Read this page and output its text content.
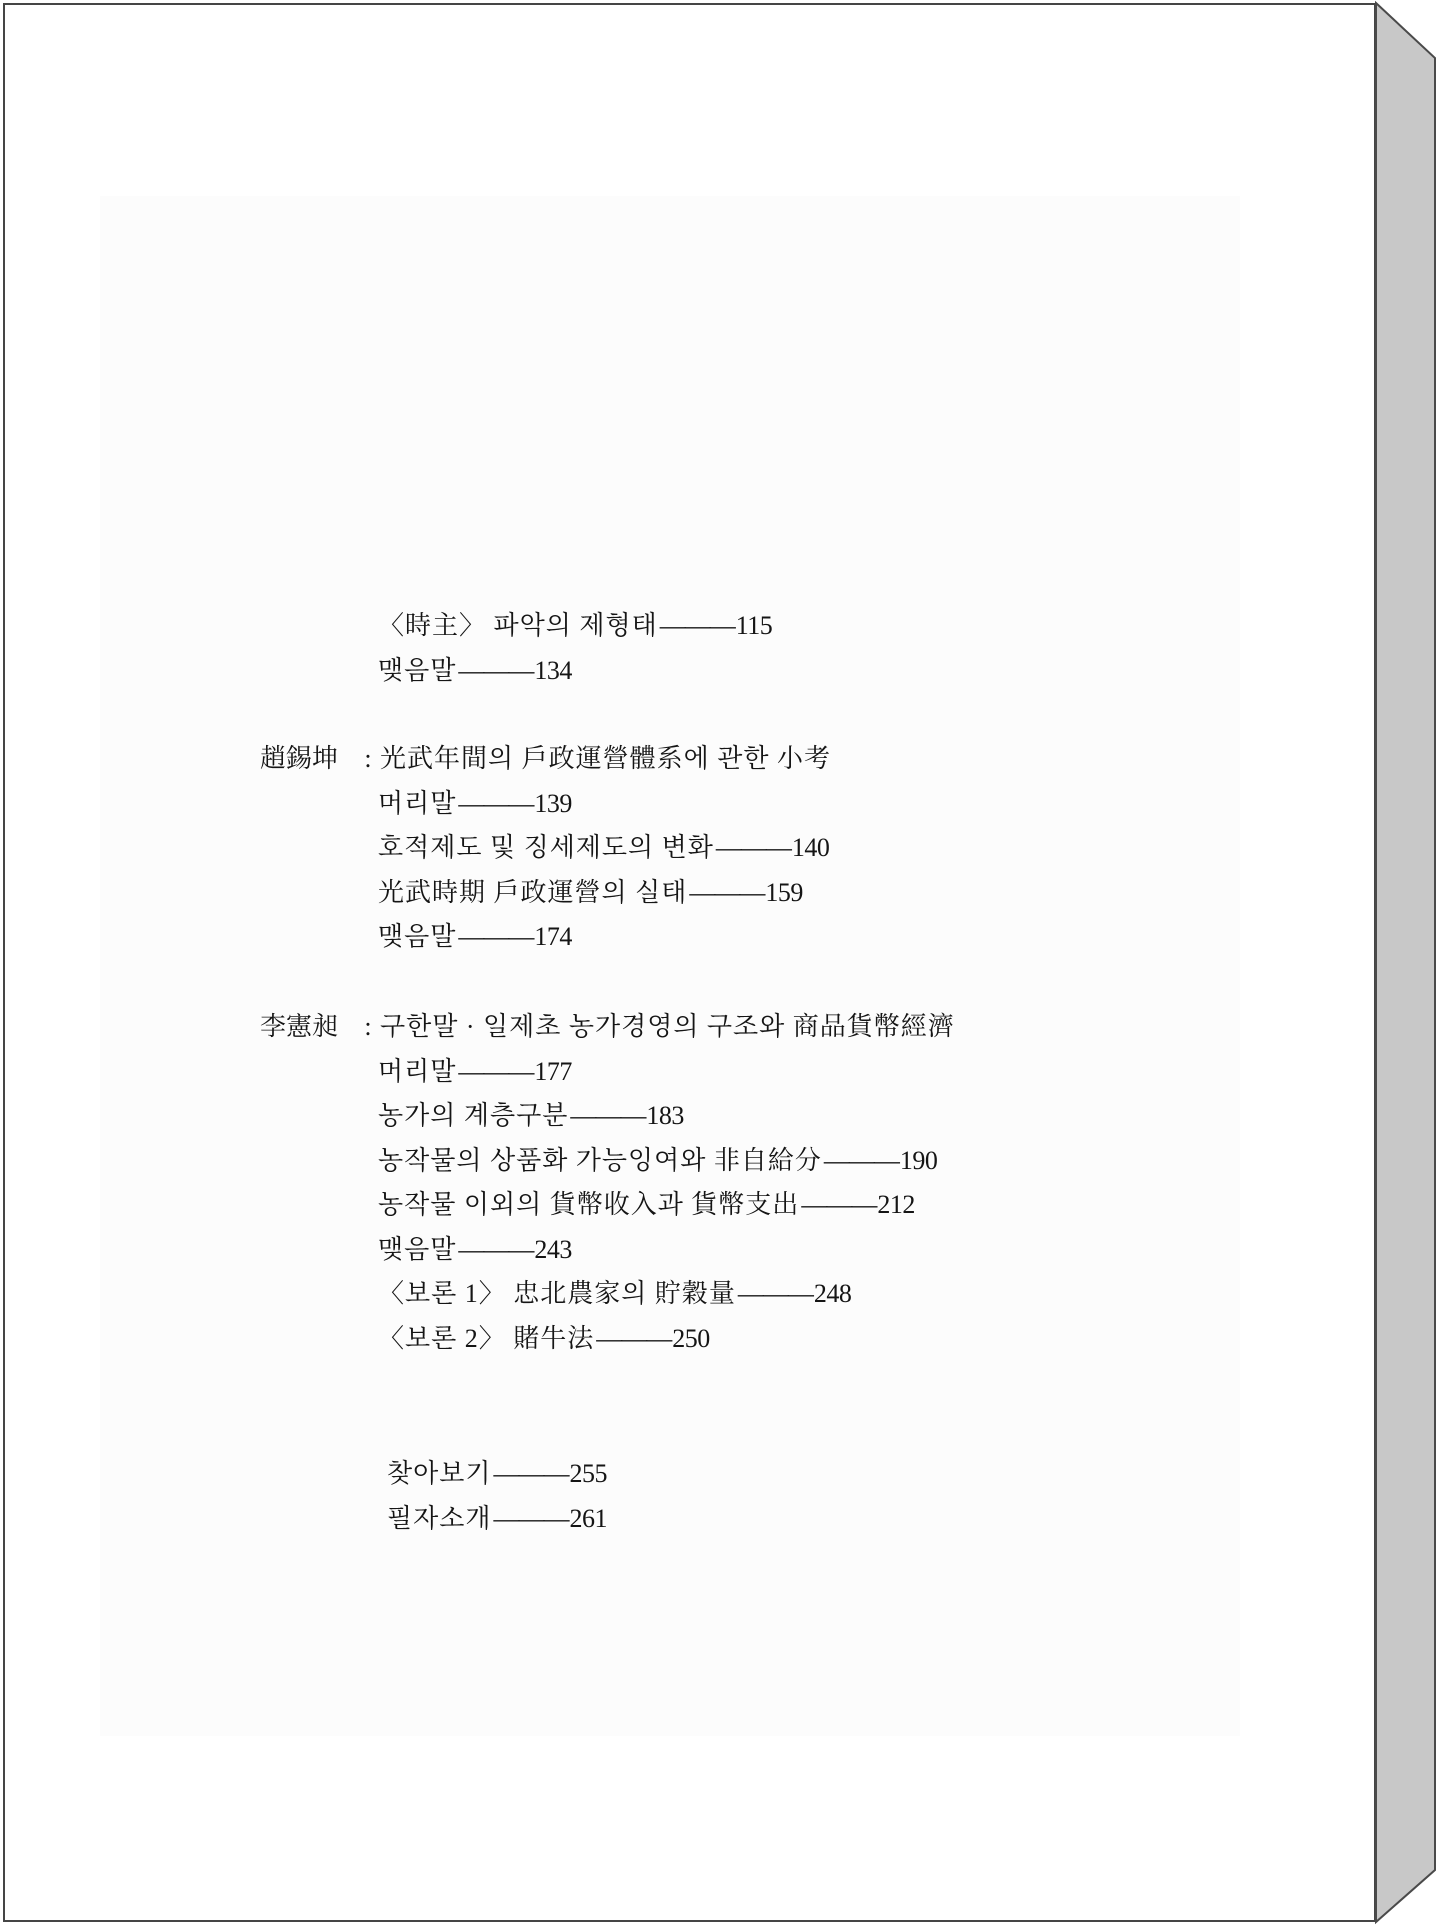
〈時主〉 파악의 제형태———115
맺음말———134
趙錫坤 : 光武年間의 戶政運營體系에 관한 小考
머리말———139
호적제도 및 징세제도의 변화———140
光武時期 戶政運營의 실태———159
맺음말———174
李憲昶 : 구한말 · 일제초 농가경영의 구조와 商品貨幣經濟
머리말———177
농가의 계층구분———183
농작물의 상품화 가능잉여와 非自給分———190
농작물 이외의 貨幣收入과 貨幣支出———212
맺음말———243
〈보론 1〉 忠北農家의 貯穀量———248
〈보론 2〉 賭牛法———250
찾아보기———255
필자소개———261
